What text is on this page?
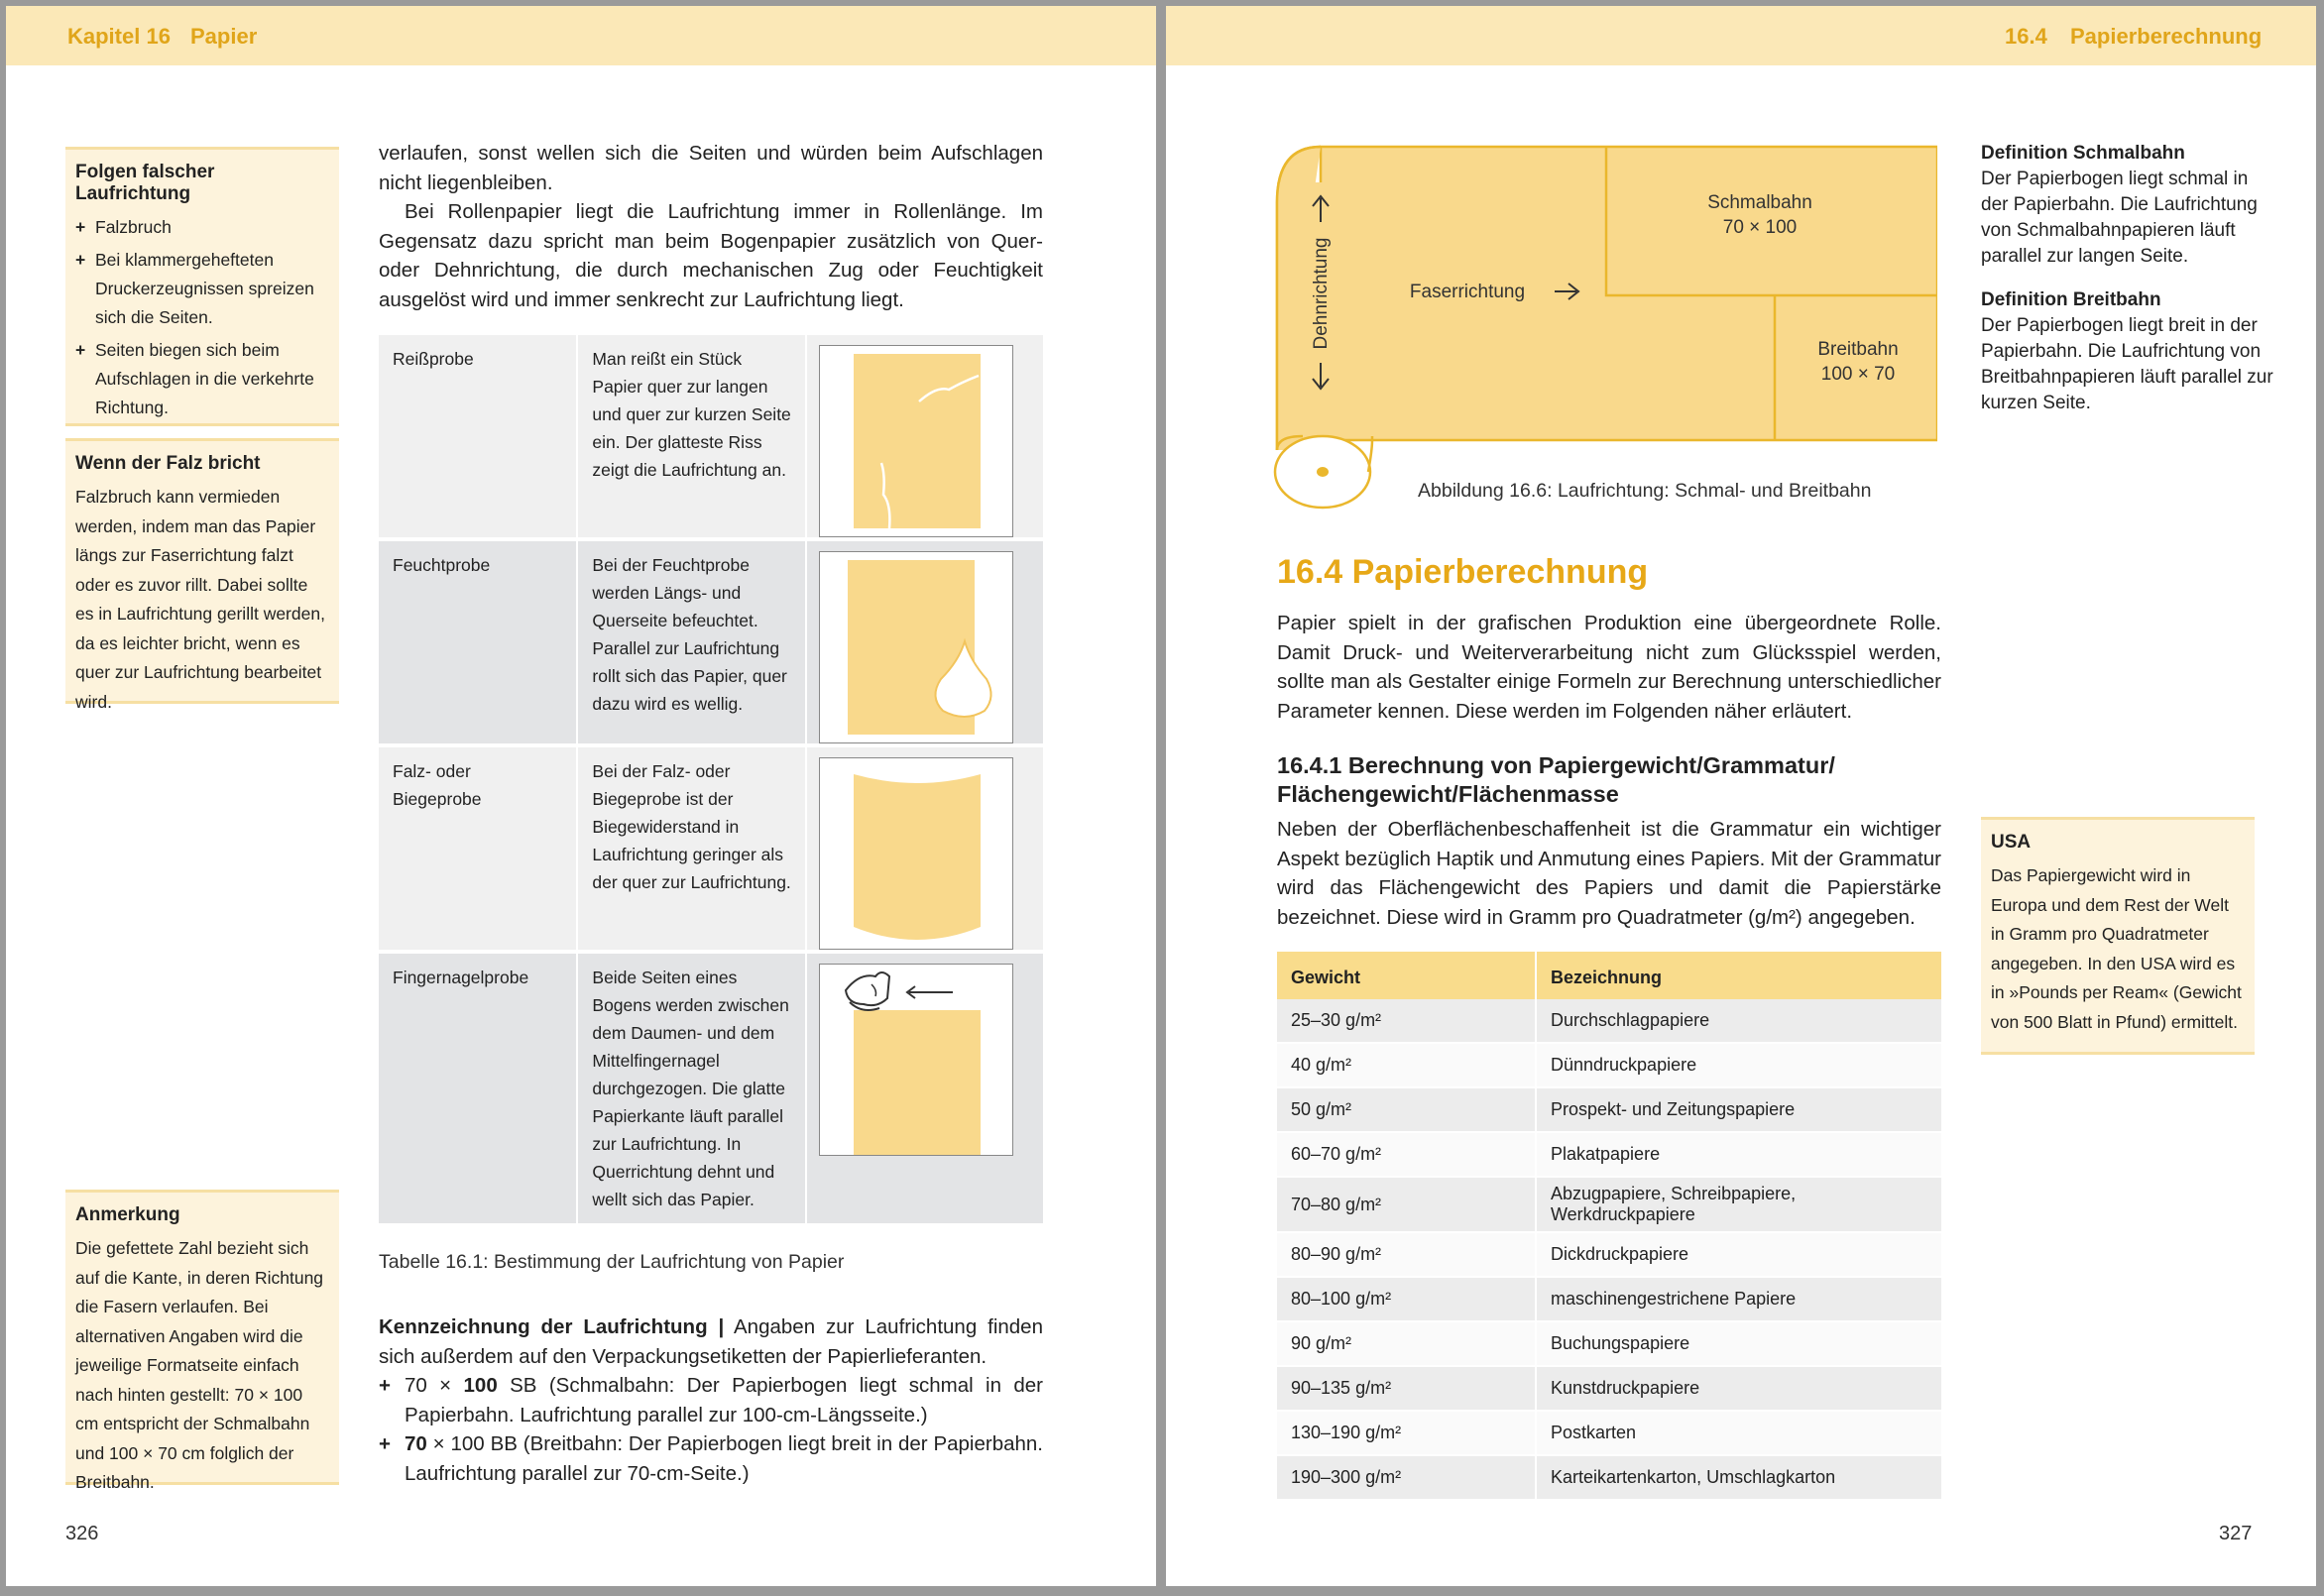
Kapitel 16 Papier
Folgen falscher Laufrichtung
+ Falzbruch
+ Bei klammergehefteten Druckerzeugnissen spreizen sich die Seiten.
+ Seiten biegen sich beim Aufschlagen in die verkehrte Richtung.
Wenn der Falz bricht
Falzbruch kann vermieden werden, indem man das Papier längs zur Faserrichtung falzt oder es zuvor rillt. Dabei sollte es in Laufrichtung gerillt werden, da es leichter bricht, wenn es quer zur Laufrichtung bearbeitet wird.
Anmerkung
Die gefettete Zahl bezieht sich auf die Kante, in deren Richtung die Fasern verlaufen. Bei alternativen Angaben wird die jeweilige Formatseite einfach nach hinten gestellt: 70 × 100 cm entspricht der Schmalbahn und 100 × 70 cm folglich der Breitbahn.
verlaufen, sonst wellen sich die Seiten und würden beim Aufschlagen nicht liegenbleiben.
Bei Rollenpapier liegt die Laufrichtung immer in Rollenlänge. Im Gegensatz dazu spricht man beim Bogenpapier zusätzlich von Quer- oder Dehnrichtung, die durch mechanischen Zug oder Feuchtigkeit ausgelöst wird und immer senkrecht zur Laufrichtung liegt.
Reißprobe	Man reißt ein Stück Papier quer zur langen und quer zur kurzen Seite ein. Der glatteste Riss zeigt die Laufrichtung an.	

Feuchtprobe	Bei der Feuchtprobe werden Längs- und Querseite befeuchtet. Parallel zur Laufrichtung rollt sich das Papier, quer dazu wird es wellig.	

Falz- oder Biegeprobe	Bei der Falz- oder Biegeprobe ist der Biegewiderstand in Laufrichtung geringer als der quer zur Laufrichtung.	

Fingernagelprobe	Beide Seiten eines Bogens werden zwischen dem Daumen- und dem Mittelfingernagel durchgezogen. Die glatte Papierkante läuft parallel zur Laufrichtung. In Querrichtung dehnt und wellt sich das Papier.	
Tabelle 16.1: Bestimmung der Laufrichtung von Papier
Kennzeichnung der Laufrichtung | Angaben zur Laufrichtung finden sich außerdem auf den Verpackungsetiketten der Papierlieferanten.
+ 70 × 100 SB (Schmalbahn: Der Papierbogen liegt schmal in der Papierbahn. Laufrichtung parallel zur 100-cm-Längsseite.)
+ 70 × 100 BB (Breitbahn: Der Papierbogen liegt breit in der Papierbahn. Laufrichtung parallel zur 70-cm-Seite.)
326
16.4 Papierberechnung
Schmalbahn
70 × 100
Faserrichtung
Breitbahn
100 × 70
Dehnrichtung
Abbildung 16.6: Laufrichtung: Schmal- und Breitbahn
Definition Schmalbahn
Der Papierbogen liegt schmal in der Papierbahn. Die Laufrichtung von Schmalbahnpapieren läuft parallel zur langen Seite.
Definition Breitbahn
Der Papierbogen liegt breit in der Papierbahn. Die Laufrichtung von Breitbahnpapieren läuft parallel zur kurzen Seite.
16.4 Papierberechnung
Papier spielt in der grafischen Produktion eine übergeordnete Rolle. Damit Druck- und Weiterverarbeitung nicht zum Glücksspiel werden, sollte man als Gestalter einige Formeln zur Berechnung unterschiedlicher Parameter kennen. Diese werden im Folgenden näher erläutert.
16.4.1 Berechnung von Papiergewicht/Grammatur/ Flächengewicht/Flächenmasse
Neben der Oberflächenbeschaffenheit ist die Grammatur ein wichtiger Aspekt bezüglich Haptik und Anmutung eines Papiers. Mit der Grammatur wird das Flächengewicht des Papiers und damit die Papierstärke bezeichnet. Diese wird in Gramm pro Quadratmeter (g/m²) angegeben.
USA
Das Papiergewicht wird in Europa und dem Rest der Welt in Gramm pro Quadratmeter angegeben. In den USA wird es in »Pounds per Ream« (Gewicht von 500 Blatt in Pfund) ermittelt.
Gewicht	Bezeichnung
25–30 g/m²	Durchschlagpapiere
40 g/m²	Dünndruckpapiere
50 g/m²	Prospekt- und Zeitungspapiere
60–70 g/m²	Plakatpapiere
70–80 g/m²	Abzugpapiere, Schreibpapiere, Werkdruckpapiere
80–90 g/m²	Dickdruckpapiere
80–100 g/m²	maschinengestrichene Papiere
90 g/m²	Buchungspapiere
90–135 g/m²	Kunstdruckpapiere
130–190 g/m²	Postkarten
190–300 g/m²	Karteikartenkarton, Umschlagkarton
327
